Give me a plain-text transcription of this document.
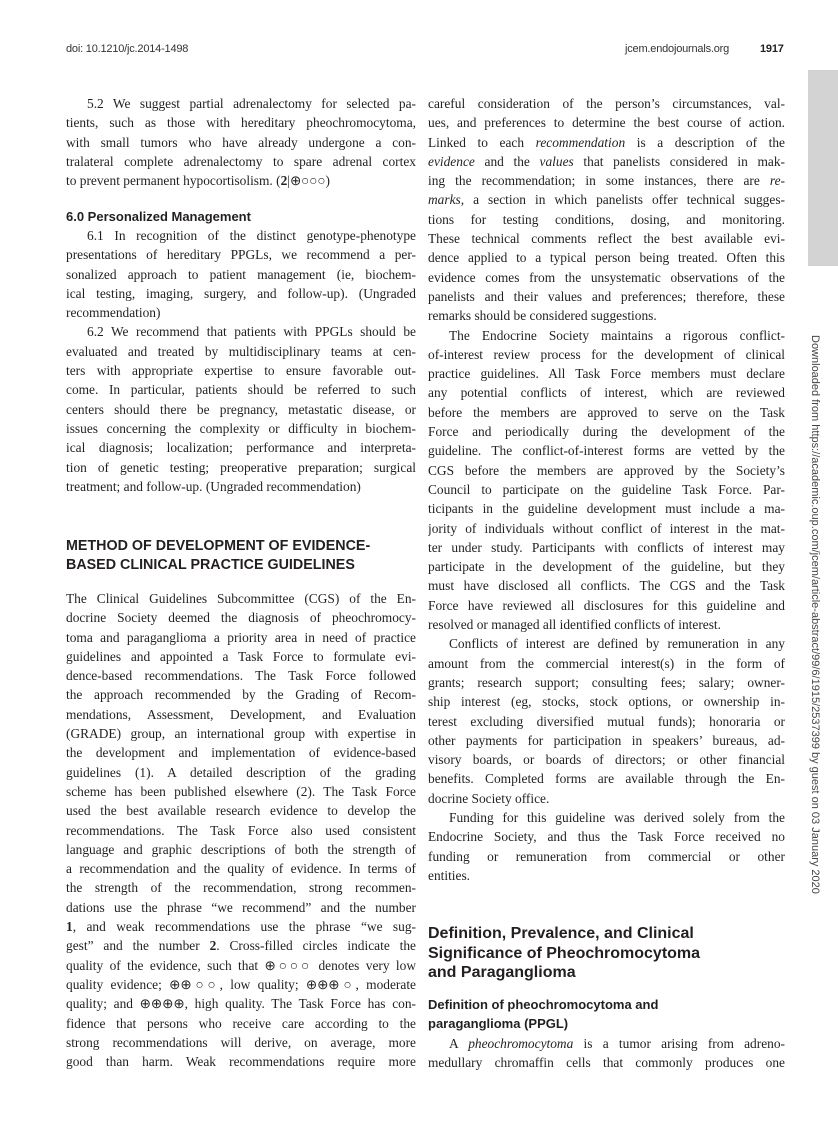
doi: 10.1210/jc.2014-1498	jcem.endojournals.org	1917
Downloaded from https://academic.oup.com/jcem/article-abstract/99/6/1915/2537399 by guest on 03 January 2020
5.2 We suggest partial adrenalectomy for selected pa-
tients, such as those with hereditary pheochromocytoma,
with small tumors who have already undergone a con-
tralateral complete adrenalectomy to spare adrenal cortex
to prevent permanent hypocortisolism. (2|⊕○○○)
6.0 Personalized Management
6.1 In recognition of the distinct genotype-phenotype
presentations of hereditary PPGLs, we recommend a per-
sonalized approach to patient management (ie, biochem-
ical testing, imaging, surgery, and follow-up). (Ungraded
recommendation)
6.2 We recommend that patients with PPGLs should be
evaluated and treated by multidisciplinary teams at cen-
ters with appropriate expertise to ensure favorable out-
come. In particular, patients should be referred to such
centers should there be pregnancy, metastatic disease, or
issues concerning the complexity or difficulty in biochem-
ical diagnosis; localization; performance and interpreta-
tion of genetic testing; preoperative preparation; surgical
treatment; and follow-up. (Ungraded recommendation)
METHOD OF DEVELOPMENT OF EVIDENCE-
BASED CLINICAL PRACTICE GUIDELINES
The Clinical Guidelines Subcommittee (CGS) of the En-
docrine Society deemed the diagnosis of pheochromocy-
toma and paraganglioma a priority area in need of practice
guidelines and appointed a Task Force to formulate evi-
dence-based recommendations. The Task Force followed
the approach recommended by the Grading of Recom-
mendations, Assessment, Development, and Evaluation
(GRADE) group, an international group with expertise in
the development and implementation of evidence-based
guidelines (1). A detailed description of the grading
scheme has been published elsewhere (2). The Task Force
used the best available research evidence to develop the
recommendations. The Task Force also used consistent
language and graphic descriptions of both the strength of
a recommendation and the quality of evidence. In terms of
the strength of the recommendation, strong recommen-
dations use the phrase “we recommend” and the number
1, and weak recommendations use the phrase “we sug-
gest” and the number 2. Cross-filled circles indicate the
quality of the evidence, such that ⊕○○○ denotes very low
quality evidence; ⊕⊕○○, low quality; ⊕⊕⊕○, moderate
quality; and ⊕⊕⊕⊕, high quality. The Task Force has con-
fidence that persons who receive care according to the
strong recommendations will derive, on average, more
good than harm. Weak recommendations require more
careful consideration of the person’s circumstances, val-
ues, and preferences to determine the best course of action.
Linked to each recommendation is a description of the
evidence and the values that panelists considered in mak-
ing the recommendation; in some instances, there are re-
marks, a section in which panelists offer technical sugges-
tions for testing conditions, dosing, and monitoring.
These technical comments reflect the best available evi-
dence applied to a typical person being treated. Often this
evidence comes from the unsystematic observations of the
panelists and their values and preferences; therefore, these
remarks should be considered suggestions.
The Endocrine Society maintains a rigorous conflict-
of-interest review process for the development of clinical
practice guidelines. All Task Force members must declare
any potential conflicts of interest, which are reviewed
before the members are approved to serve on the Task
Force and periodically during the development of the
guideline. The conflict-of-interest forms are vetted by the
CGS before the members are approved by the Society’s
Council to participate on the guideline Task Force. Par-
ticipants in the guideline development must include a ma-
jority of individuals without conflict of interest in the mat-
ter under study. Participants with conflicts of interest may
participate in the development of the guideline, but they
must have disclosed all conflicts. The CGS and the Task
Force have reviewed all disclosures for this guideline and
resolved or managed all identified conflicts of interest.
Conflicts of interest are defined by remuneration in any
amount from the commercial interest(s) in the form of
grants; research support; consulting fees; salary; owner-
ship interest (eg, stocks, stock options, or ownership in-
terest excluding diversified mutual funds); honoraria or
other payments for participation in speakers’ bureaus, ad-
visory boards, or boards of directors; or other financial
benefits. Completed forms are available through the En-
docrine Society office.
Funding for this guideline was derived solely from the
Endocrine Society, and thus the Task Force received no
funding or remuneration from commercial or other
entities.
Definition, Prevalence, and Clinical
Significance of Pheochromocytoma
and Paraganglioma
Definition of pheochromocytoma and
paraganglioma (PPGL)
A pheochromocytoma is a tumor arising from adreno-
medullary chromaffin cells that commonly produces one
